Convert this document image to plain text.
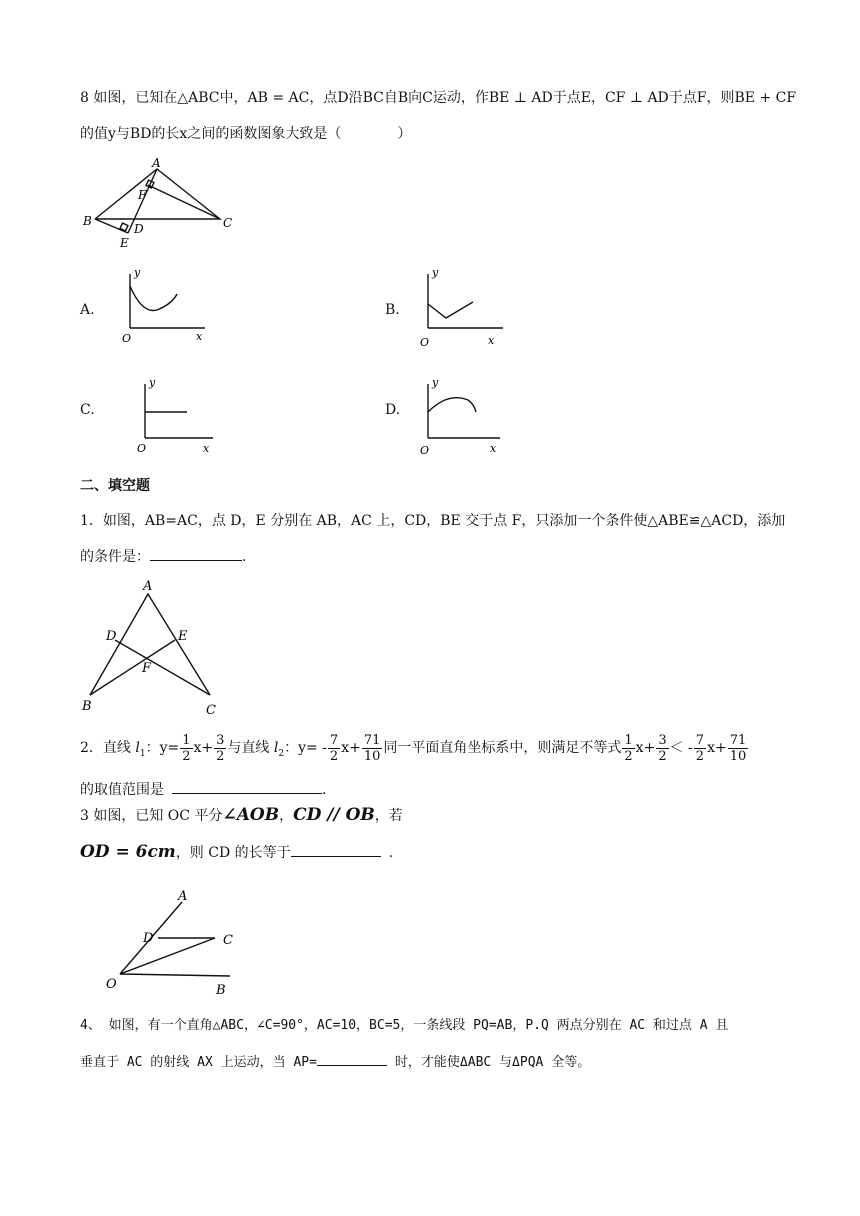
8 如图，已知在△ABC中，AB = AC，点D沿BC自B向C运动，作BE ⊥ AD于点E，CF ⊥ AD于点F，则BE + CF
的值y与BD的长x之间的函数图象大致是（　　　　）
A
B	C
D
E
F
A.
y
O	x
B.
y
O	x
C.
y
O	x
D.
y
O	x
二、填空题
1．如图，AB=AC，点 D，E 分别在 AB，AC 上，CD，BE 交于点 F，只添加一个条件使△ABE≌△ACD，添加
的条件是：	.
A
B	C
D	E
F
2．直线 $l_1$：$y= \frac{1}{2} x+ \frac{3}{2}$ 与直线 $l_2$：$y= - \frac{7}{2} x+ \frac{71}{10}$ 同一平面直角坐标系中，则满足不等式 $\frac{1}{2} x+ \frac{3}{2}$ ＜ - $\frac{7}{2} x+ \frac{71}{10}$
的取值范围是	.
3 如图，已知 OC 平分∠AOB，CD // OB，若
OD = 6cm，则 CD 的长等于	.
A
B
C
D
O
4、 如图，有一个直角△ABC，∠C=90°，AC=10，BC=5，一条线段 PQ=AB，P.Q 两点分别在 AC 和过点 A 且
垂直于 AC 的射线 AX 上运动，当 AP=	时，才能使ΔABC 与ΔPQA 全等。
